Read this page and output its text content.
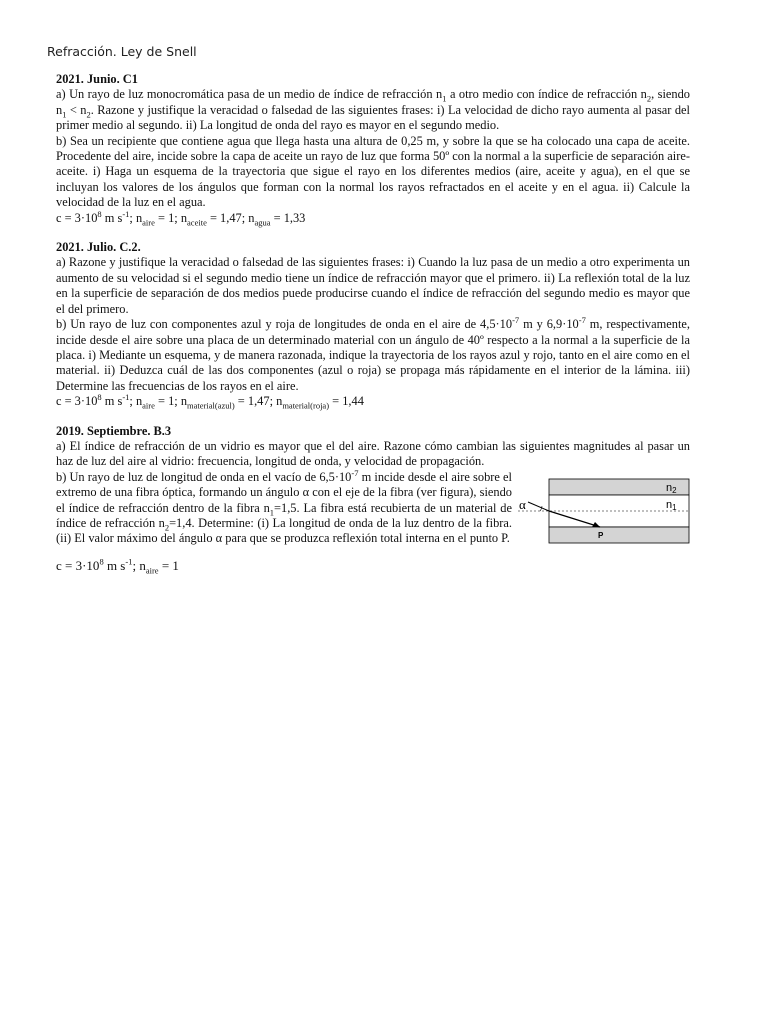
Refracción. Ley de Snell
2021. Junio. C1

a) Un rayo de luz monocromática pasa de un medio de índice de refracción $n_1$ a otro medio con índice de refracción $n_2$, siendo $n_1 < n_2$. Razone y justifique la veracidad o falsedad de las siguientes frases: i) La velocidad de dicho rayo aumenta al pasar del primer medio al segundo. ii) La longitud de onda del rayo es mayor en el segundo medio.

b) Sea un recipiente que contiene agua que llega hasta una altura de 0,25 m, y sobre la que se ha colocado una capa de aceite. Procedente del aire, incide sobre la capa de aceite un rayo de luz que forma 50º con la normal a la superficie de separación aire-aceite. i) Haga un esquema de la trayectoria que sigue el rayo en los diferentes medios (aire, aceite y agua), en el que se incluyan los valores de los ángulos que forman con la normal los rayos refractados en el aceite y en el agua. ii) Calcule la velocidad de la luz en el agua.

$c = 3\cdot 10^8$ m $s^{-1}$; $n_{aire} = 1$; $n_{aceite} = 1,47$; $n_{agua} = 1,33$

2021. Julio. C.2.

a) Razone y justifique la veracidad o falsedad de las siguientes frases: i) Cuando la luz pasa de un medio a otro experimenta un aumento de su velocidad si el segundo medio tiene un índice de refracción mayor que el primero. ii) La reflexión total de la luz en la superficie de separación de dos medios puede producirse cuando el índice de refracción del segundo medio es mayor que el del primero.

b) Un rayo de luz con componentes azul y roja de longitudes de onda en el aire de $4,5\cdot 10^{-7}$ m y $6,9\cdot 10^{-7}$ m, respectivamente, incide desde el aire sobre una placa de un determinado material con un ángulo de 40º respecto a la normal a la superficie de la placa. i) Mediante un esquema, y de manera razonada, indique la trayectoria de los rayos azul y rojo, tanto en el aire como en el material. ii) Deduzca cuál de las dos componentes (azul o roja) se propaga más rápidamente en el interior de la lámina. iii) Determine las frecuencias de los rayos en el aire.

$c = 3\cdot 10^8$ m $s^{-1}$; $n_{aire} = 1$; $n_{material(azul)} = 1,47$; $n_{material(roja)} = 1,44$

2019. Septiembre. B.3

a) El índice de refracción de un vidrio es mayor que el del aire. Razone cómo cambian las siguientes magnitudes al pasar un haz de luz del aire al vidrio: frecuencia, longitud de onda, y velocidad de propagación.

b) Un rayo de luz de longitud de onda en el vacío de $6,5\cdot 10^{-7}$ m incide desde el aire sobre el extremo de una fibra óptica, formando un ángulo α con el eje de la fibra (ver figura), siendo el índice de refracción dentro de la fibra $n_1=1,5$. La fibra está recubierta de un material de índice de refracción $n_2=1,4$. Determine: (i) La longitud de onda de la luz dentro de la fibra. (ii) El valor máximo del ángulo α para que se produzca reflexión total interna en el punto P.

α
n2
n1
P

$c = 3\cdot 10^8$ m $s^{-1}$; $n_{aire} = 1$
